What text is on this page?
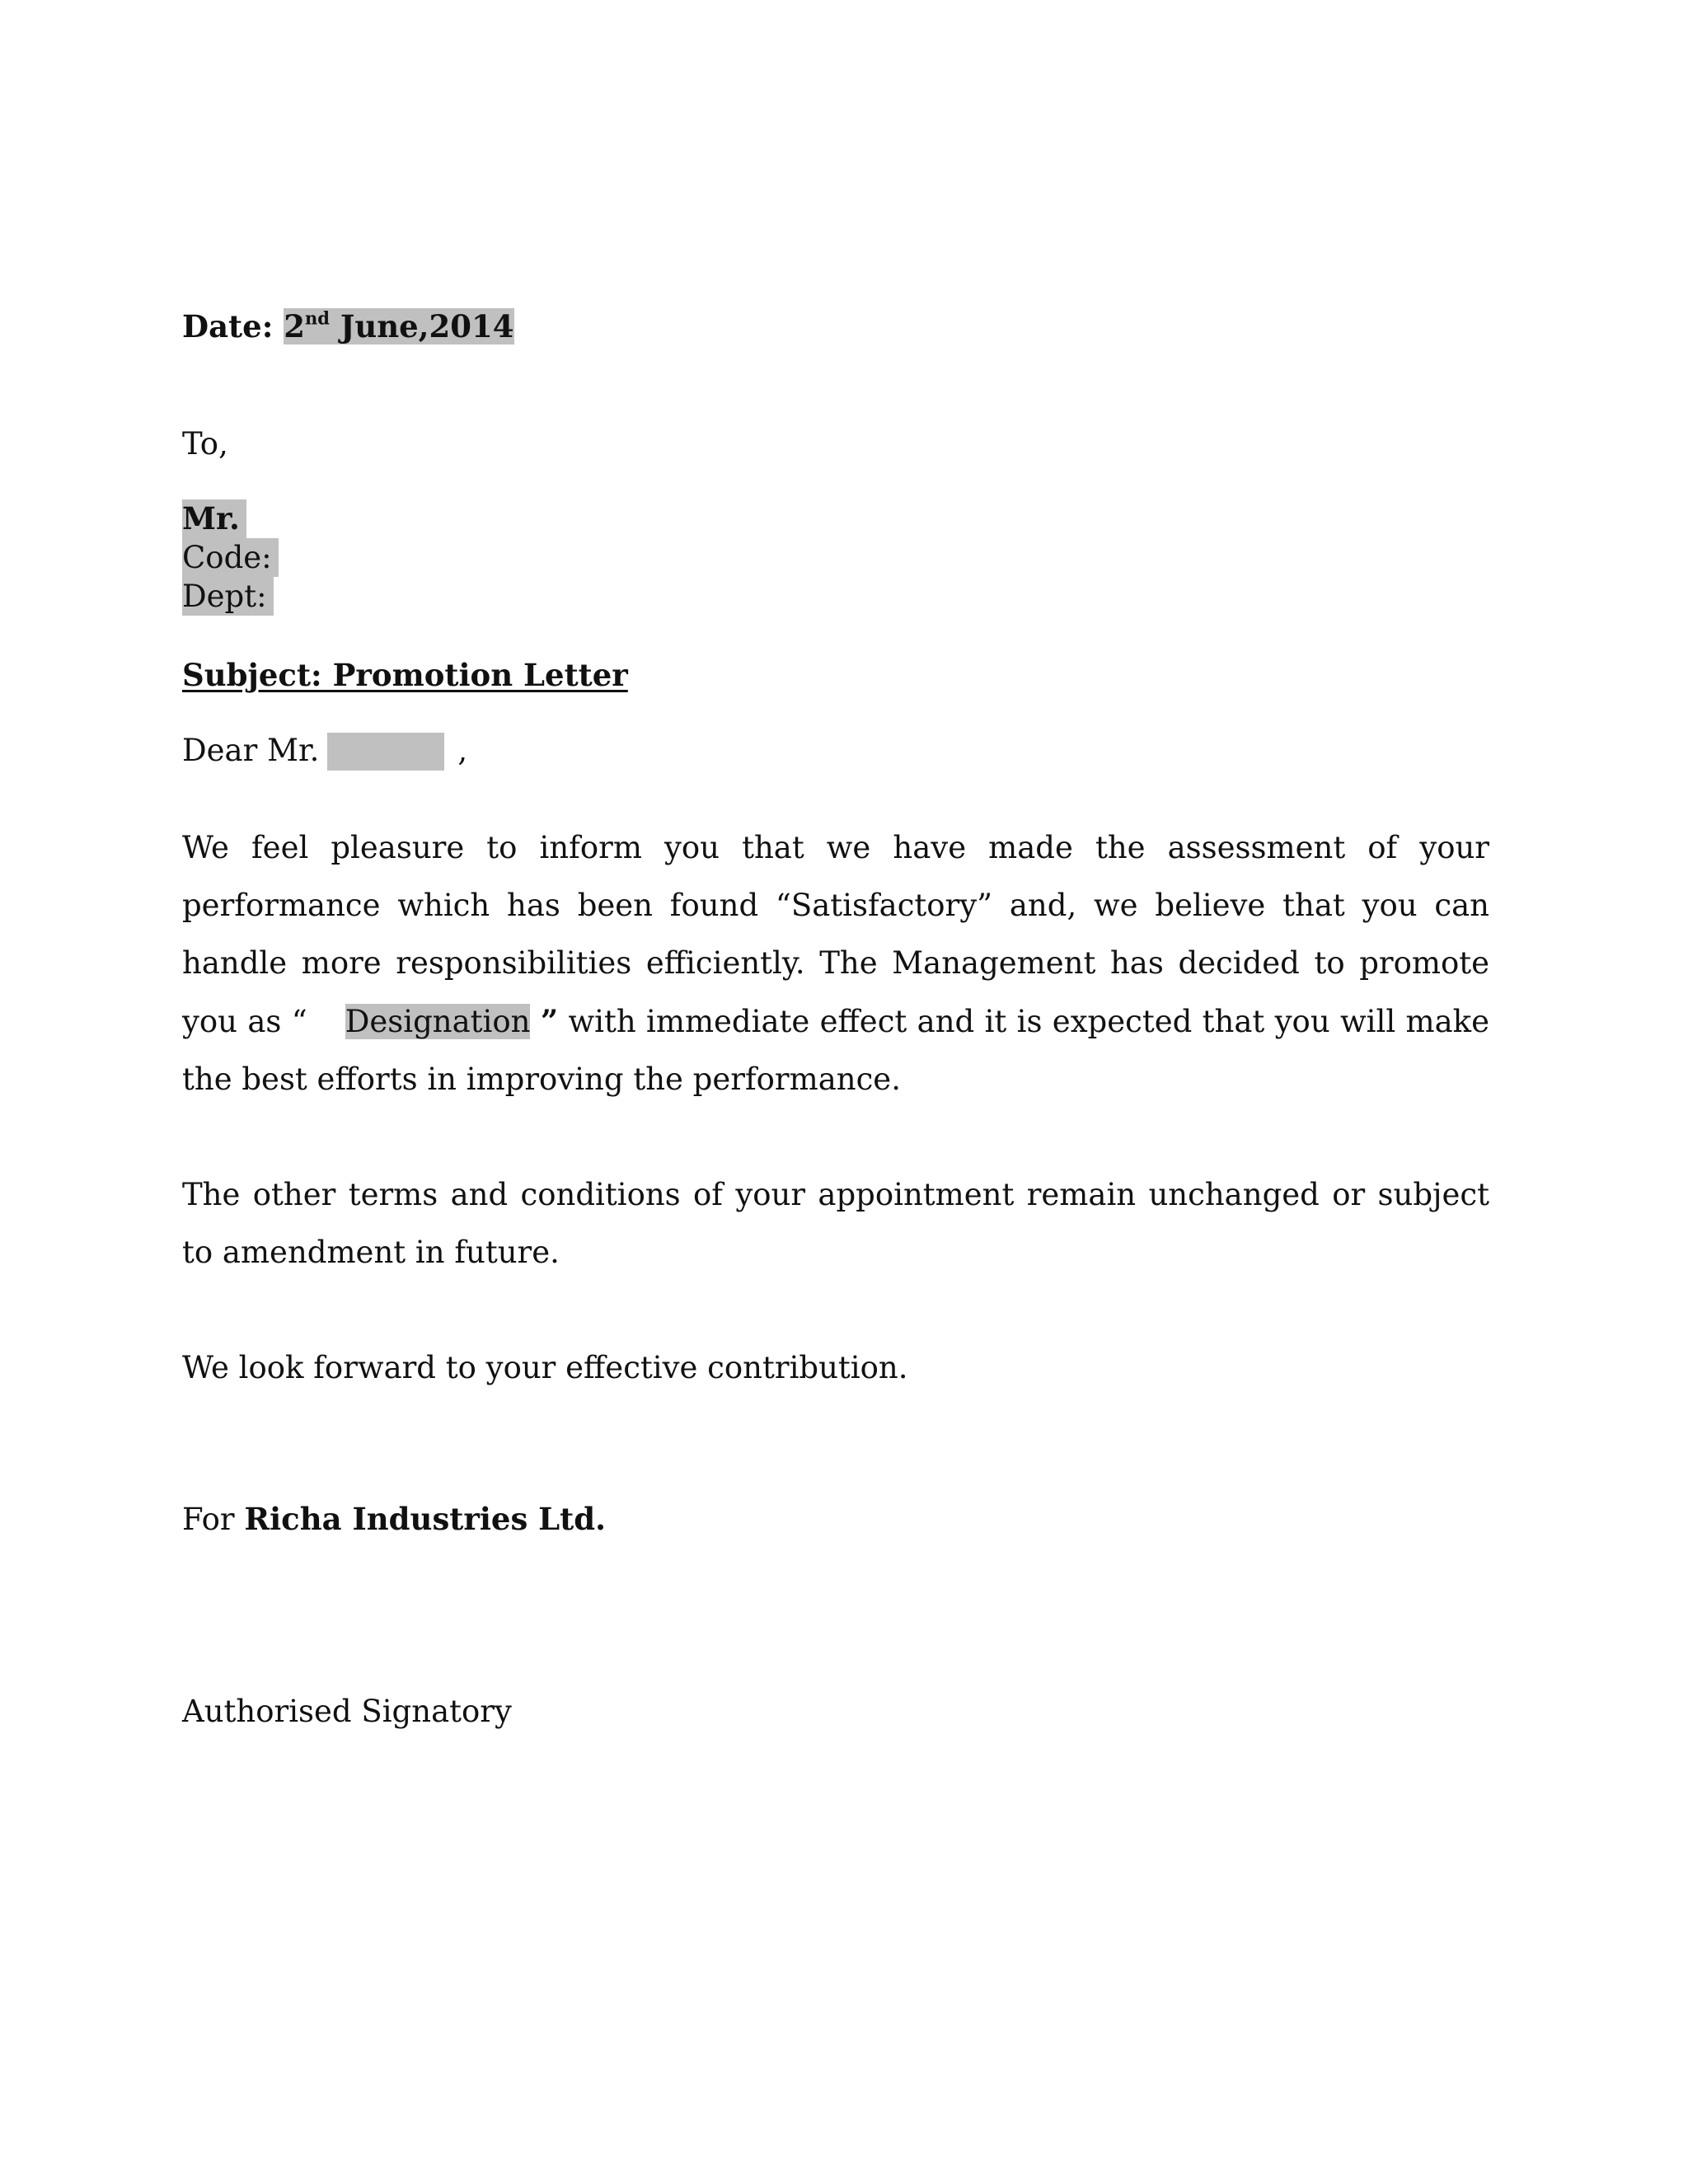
Date: 2nd June,2014
To,
Mr.
Code:
Dept:
Subject: Promotion Letter
Dear Mr.	,
We feel pleasure to inform you that we have made the assessment of your performance which has been found “Satisfactory” and, we believe that you can handle more responsibilities efficiently. The Management has decided to promote you as “ Designation ” with immediate effect and it is expected that you will make the best efforts in improving the performance.
The other terms and conditions of your appointment remain unchanged or subject to amendment in future.
We look forward to your effective contribution.
For Richa Industries Ltd.
Authorised Signatory
